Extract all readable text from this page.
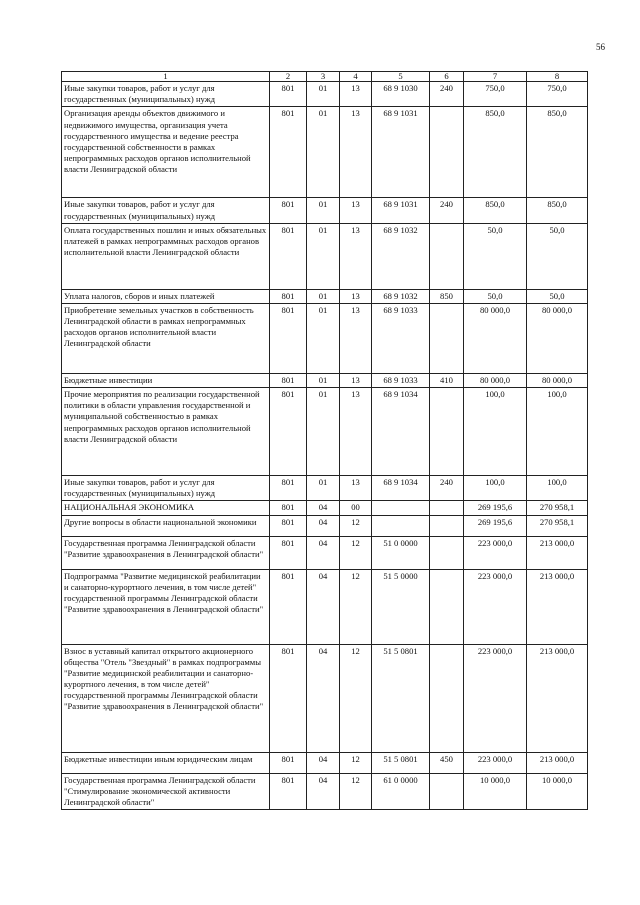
56
1	2	3	4	5	6	7	8
Иные закупки товаров, работ и услуг для государственных (муниципальных) нужд	801	01	13	68 9 1030	240	750,0	750,0
Организация аренды объектов движимого и недвижимого имущества, организация учета государственного имущества и ведение реестра государственной собственности в рамках непрограммных расходов органов исполнительной власти Ленинградской области	801	01	13	68 9 1031		850,0	850,0
Иные закупки товаров, работ и услуг для государственных (муниципальных) нужд	801	01	13	68 9 1031	240	850,0	850,0
Оплата государственных пошлин и иных обязательных платежей в рамках непрограммных расходов органов исполнительной власти Ленинградской области	801	01	13	68 9 1032		50,0	50,0
Уплата налогов, сборов и иных платежей	801	01	13	68 9 1032	850	50,0	50,0
Приобретение земельных участков в собственность Ленинградской области в рамках непрограммных расходов органов исполнительной власти Ленинградской области	801	01	13	68 9 1033		80 000,0	80 000,0
Бюджетные инвестиции	801	01	13	68 9 1033	410	80 000,0	80 000,0
Прочие мероприятия по реализации государственной политики в области управления государственной и муниципальной собственностью в рамках непрограммных расходов органов исполнительной власти Ленинградской области	801	01	13	68 9 1034		100,0	100,0
Иные закупки товаров, работ и услуг для государственных (муниципальных) нужд	801	01	13	68 9 1034	240	100,0	100,0
НАЦИОНАЛЬНАЯ ЭКОНОМИКА	801	04	00			269 195,6	270 958,1
Другие вопросы в области национальной экономики	801	04	12			269 195,6	270 958,1
Государственная программа Ленинградской области "Развитие здравоохранения в Ленинградской области"	801	04	12	51 0 0000		223 000,0	213 000,0
Подпрограмма "Развитие медицинской реабилитации и санаторно-курортного лечения, в том числе детей" государственной программы Ленинградской области "Развитие здравоохранения в Ленинградской области"	801	04	12	51 5 0000		223 000,0	213 000,0
Взнос в уставный капитал открытого акционерного общества "Отель "Звездный" в рамках подпрограммы "Развитие медицинской реабилитации и санаторно-курортного лечения, в том числе детей" государственной программы Ленинградской области "Развитие здравоохранения в Ленинградской области"	801	04	12	51 5 0801		223 000,0	213 000,0
Бюджетные инвестиции иным юридическим лицам	801	04	12	51 5 0801	450	223 000,0	213 000,0
Государственная программа Ленинградской области "Стимулирование экономической активности Ленинградской области"	801	04	12	61 0 0000		10 000,0	10 000,0
